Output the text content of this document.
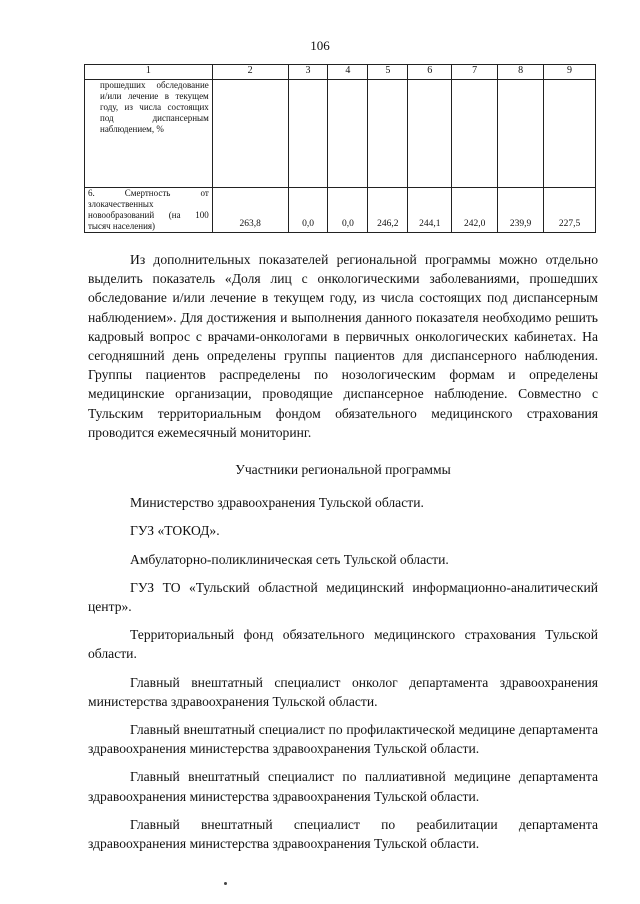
106
1	2	3	4	5	6	7	8	9

прошедших обследование и/или лечение в текущем году, из числа состоящих под диспансерным наблюдением, %								

6. Смертность от злокачественных новообразований (на 100 тысяч населения)	263,8	0,0	0,0	246,2	244,1	242,0	239,9	227,5

Из дополнительных показателей региональной программы можно отдельно выделить показатель «Доля лиц с онкологическими заболеваниями, прошедших обследование и/или лечение в текущем году, из числа состоящих под диспансерным наблюдением». Для достижения и выполнения данного показателя необходимо решить кадровый вопрос с врачами-онкологами в первичных онкологических кабинетах. На сегодняшний день определены группы пациентов для диспансерного наблюдения. Группы пациентов распределены по нозологическим формам и определены медицинские организации, проводящие диспансерное наблюдение. Совместно с Тульским территориальным фондом обязательного медицинского страхования проводится ежемесячный мониторинг.

Участники региональной программы

Министерство здравоохранения Тульской области.

ГУЗ «ТОКОД».

Амбулаторно-поликлиническая сеть Тульской области.

ГУЗ ТО «Тульский областной медицинский информационно-аналитический центр».

Территориальный фонд обязательного медицинского страхования Тульской области.

Главный внештатный специалист онколог департамента здравоохранения министерства здравоохранения Тульской области.

Главный внештатный специалист по профилактической медицине департамента здравоохранения министерства здравоохранения Тульской области.

Главный внештатный специалист по паллиативной медицине департамента здравоохранения министерства здравоохранения Тульской области.

Главный внештатный специалист по реабилитации департамента здравоохранения министерства здравоохранения Тульской области.
